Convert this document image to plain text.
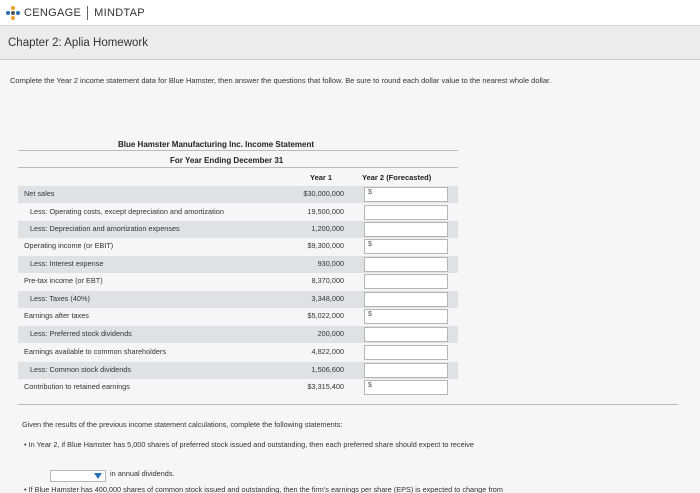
CENGAGE MINDTAP
Chapter 2: Aplia Homework
Complete the Year 2 income statement data for Blue Hamster, then answer the questions that follow. Be sure to round each dollar value to the nearest whole dollar.
Blue Hamster Manufacturing Inc. Income Statement
For Year Ending December 31
Year 1	Year 2 (Forecasted)
Net sales	$30,000,000	$
Less: Operating costs, except depreciation and amortization	19,500,000
Less: Depreciation and amortization expenses	1,200,000
Operating income (or EBIT)	$9,300,000	$
Less: Interest expense	930,000
Pre-tax income (or EBT)	8,370,000
Less: Taxes (40%)	3,348,000
Earnings after taxes	$5,022,000	$
Less: Preferred stock dividends	200,000
Earnings available to common shareholders	4,822,000
Less: Common stock dividends	1,506,600
Contribution to retained earnings	$3,315,400	$
Given the results of the previous income statement calculations, complete the following statements:
• In Year 2, if Blue Hamster has 5,000 shares of preferred stock issued and outstanding, then each preferred share should expect to receive
in annual dividends.
• If Blue Hamster has 400,000 shares of common stock issued and outstanding, then the firm's earnings per share (EPS) is expected to change from
